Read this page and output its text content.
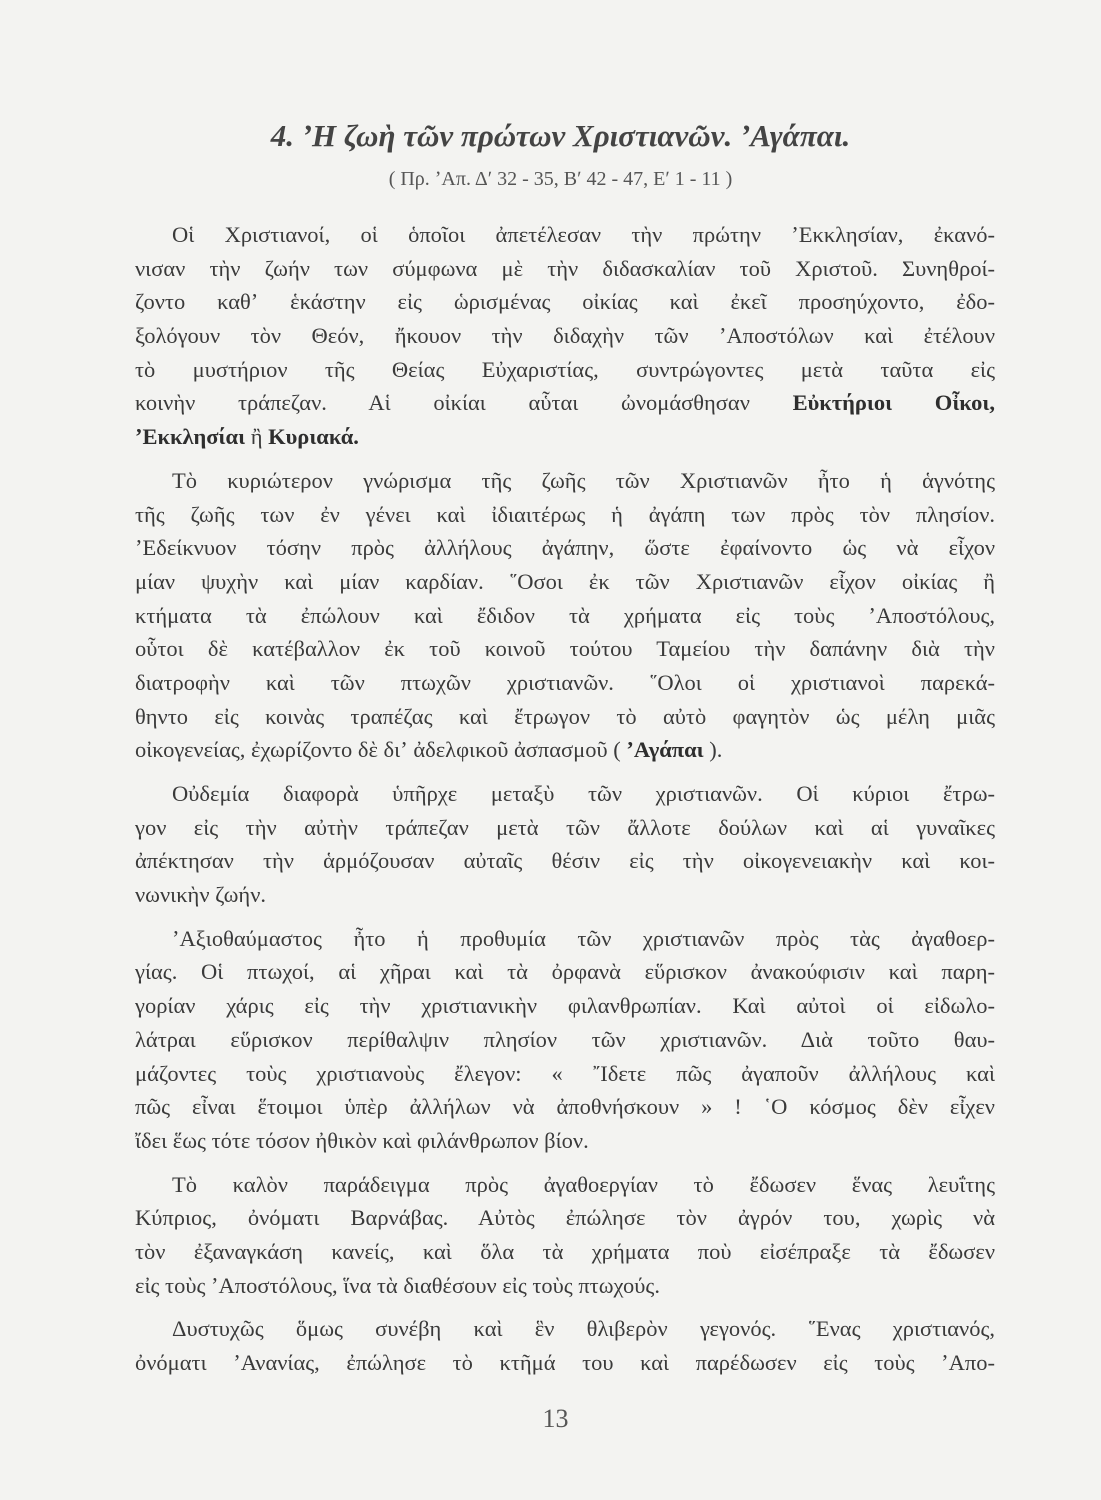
4. ʼΗ ζωὴ τῶν πρώτων Χριστιανῶν. ʼΑγάπαι.
( Πρ. ʼΑπ. Δʹ 32 - 35, Βʹ 42 - 47, Εʹ 1 - 11 )
Οἱ Χριστιανοί, οἱ ὁποῖοι ἀπετέλεσαν τὴν πρώτην ʼΕκκλησίαν, ἐκανό-
νισαν τὴν ζωήν των σύμφωνα μὲ τὴν διδασκαλίαν τοῦ Χριστοῦ. Συνηθροί-
ζοντο καθʼ ἑκάστην εἰς ὡρισμένας οἰκίας καὶ ἐκεῖ προσηύχοντο, ἐδο-
ξολόγουν τὸν Θεόν, ἤκουον τὴν διδαχὴν τῶν ʼΑποστόλων καὶ ἐτέλουν
τὸ μυστήριον τῆς Θείας Εὐχαριστίας, συντρώγοντες μετὰ ταῦτα εἰς
κοινὴν τράπεζαν. Αἱ οἰκίαι αὗται ὠνομάσθησαν Εὐκτήριοι Οἶκοι,
ʼΕκκλησίαι ἢ Κυριακά.
Τὸ κυριώτερον γνώρισμα τῆς ζωῆς τῶν Χριστιανῶν ἦτο ἡ ἁγνότης
τῆς ζωῆς των ἐν γένει καὶ ἰδιαιτέρως ἡ ἀγάπη των πρὸς τὸν πλησίον.
ʼΕδείκνυον τόσην πρὸς ἀλλήλους ἀγάπην, ὥστε ἐφαίνοντο ὡς νὰ εἶχον
μίαν ψυχὴν καὶ μίαν καρδίαν. ῞Οσοι ἐκ τῶν Χριστιανῶν εἶχον οἰκίας ἢ
κτήματα τὰ ἐπώλουν καὶ ἔδιδον τὰ χρήματα εἰς τοὺς ʼΑποστόλους,
οὗτοι δὲ κατέβαλλον ἐκ τοῦ κοινοῦ τούτου Ταμείου τὴν δαπάνην διὰ τὴν
διατροφὴν καὶ τῶν πτωχῶν χριστιανῶν. ῞Ολοι οἱ χριστιανοὶ παρεκά-
θηντο εἰς κοινὰς τραπέζας καὶ ἔτρωγον τὸ αὐτὸ φαγητὸν ὡς μέλη μιᾶς
οἰκογενείας, ἐχωρίζοντο δὲ διʼ ἀδελφικοῦ ἀσπασμοῦ ( ʼΑγάπαι ).
Οὐδεμία διαφορὰ ὑπῆρχε μεταξὺ τῶν χριστιανῶν. Οἱ κύριοι ἔτρω-
γον εἰς τὴν αὐτὴν τράπεζαν μετὰ τῶν ἄλλοτε δούλων καὶ αἱ γυναῖκες
ἀπέκτησαν τὴν ἁρμόζουσαν αὐταῖς θέσιν εἰς τὴν οἰκογενειακὴν καὶ κοι-
νωνικὴν ζωήν.
ʼΑξιοθαύμαστος ἦτο ἡ προθυμία τῶν χριστιανῶν πρὸς τὰς ἀγαθοερ-
γίας. Οἱ πτωχοί, αἱ χῆραι καὶ τὰ ὀρφανὰ εὕρισκον ἀνακούφισιν καὶ παρη-
γορίαν χάρις εἰς τὴν χριστιανικὴν φιλανθρωπίαν. Καὶ αὐτοὶ οἱ εἰδωλο-
λάτραι εὕρισκον περίθαλψιν πλησίον τῶν χριστιανῶν. Διὰ τοῦτο θαυ-
μάζοντες τοὺς χριστιανοὺς ἔλεγον: « ῎Ιδετε πῶς ἀγαποῦν ἀλλήλους καὶ
πῶς εἶναι ἕτοιμοι ὑπὲρ ἀλλήλων νὰ ἀποθνήσκουν » ! ῾Ο κόσμος δὲν εἶχεν
ἴδει ἕως τότε τόσον ἠθικὸν καὶ φιλάνθρωπον βίον.
Τὸ καλὸν παράδειγμα πρὸς ἀγαθοεργίαν τὸ ἔδωσεν ἕνας λευΐτης
Κύπριος, ὀνόματι Βαρνάβας. Αὐτὸς ἐπώλησε τὸν ἀγρόν του, χωρὶς νὰ
τὸν ἐξαναγκάση κανείς, καὶ ὅλα τὰ χρήματα ποὺ εἰσέπραξε τὰ ἔδωσεν
εἰς τοὺς ʼΑποστόλους, ἵνα τὰ διαθέσουν εἰς τοὺς πτωχούς.
Δυστυχῶς ὅμως συνέβη καὶ ἓν θλιβερὸν γεγονός. ῞Ενας χριστιανός,
ὀνόματι ʼΑνανίας, ἐπώλησε τὸ κτῆμά του καὶ παρέδωσεν εἰς τοὺς ʼΑπο-
13
